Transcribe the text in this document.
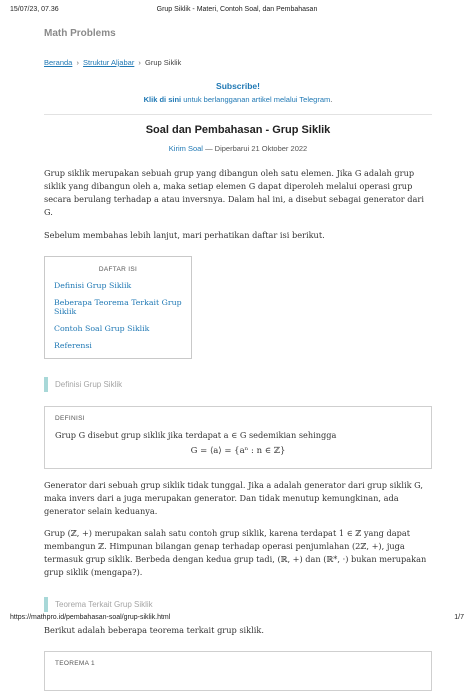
15/07/23, 07.36	Grup Siklik - Materi, Contoh Soal, dan Pembahasan
Math Problems
Beranda › Struktur Aljabar › Grup Siklik
Subscribe!
Klik di sini untuk berlangganan artikel melalui Telegram.
Soal dan Pembahasan - Grup Siklik
Kirim Soal — Diperbarui 21 Oktober 2022

Grup siklik merupakan sebuah grup yang dibangun oleh satu elemen. Jika G adalah grup siklik yang dibangun oleh a, maka setiap elemen G dapat diperoleh melalui operasi grup secara berulang terhadap a atau inversnya. Dalam hal ini, a disebut sebagai generator dari G.

Sebelum membahas lebih lanjut, mari perhatikan daftar isi berikut.

DAFTAR ISI
Definisi Grup Siklik
Beberapa Teorema Terkait Grup Siklik
Contoh Soal Grup Siklik
Referensi
Definisi Grup Siklik
DEFINISI
Grup G disebut grup siklik jika terdapat a ∈ G sedemikian sehingga
G = ⟨a⟩ = {aⁿ : n ∈ ℤ}

Generator dari sebuah grup siklik tidak tunggal. Jika a adalah generator dari grup siklik G, maka invers dari a juga merupakan generator. Dan tidak menutup kemungkinan, ada generator selain keduanya.

Grup (ℤ, +) merupakan salah satu contoh grup siklik, karena terdapat 1 ∈ ℤ yang dapat membangun ℤ. Himpunan bilangan genap terhadap operasi penjumlahan (2ℤ, +), juga termasuk grup siklik. Berbeda dengan kedua grup tadi, (ℝ, +) dan (ℝ*, ·) bukan merupakan grup siklik (mengapa?).

Teorema Terkait Grup Siklik

Berikut adalah beberapa teorema terkait grup siklik.

TEOREMA 1
https://mathpro.id/pembahasan-soal/grup-siklik.html	1/7
